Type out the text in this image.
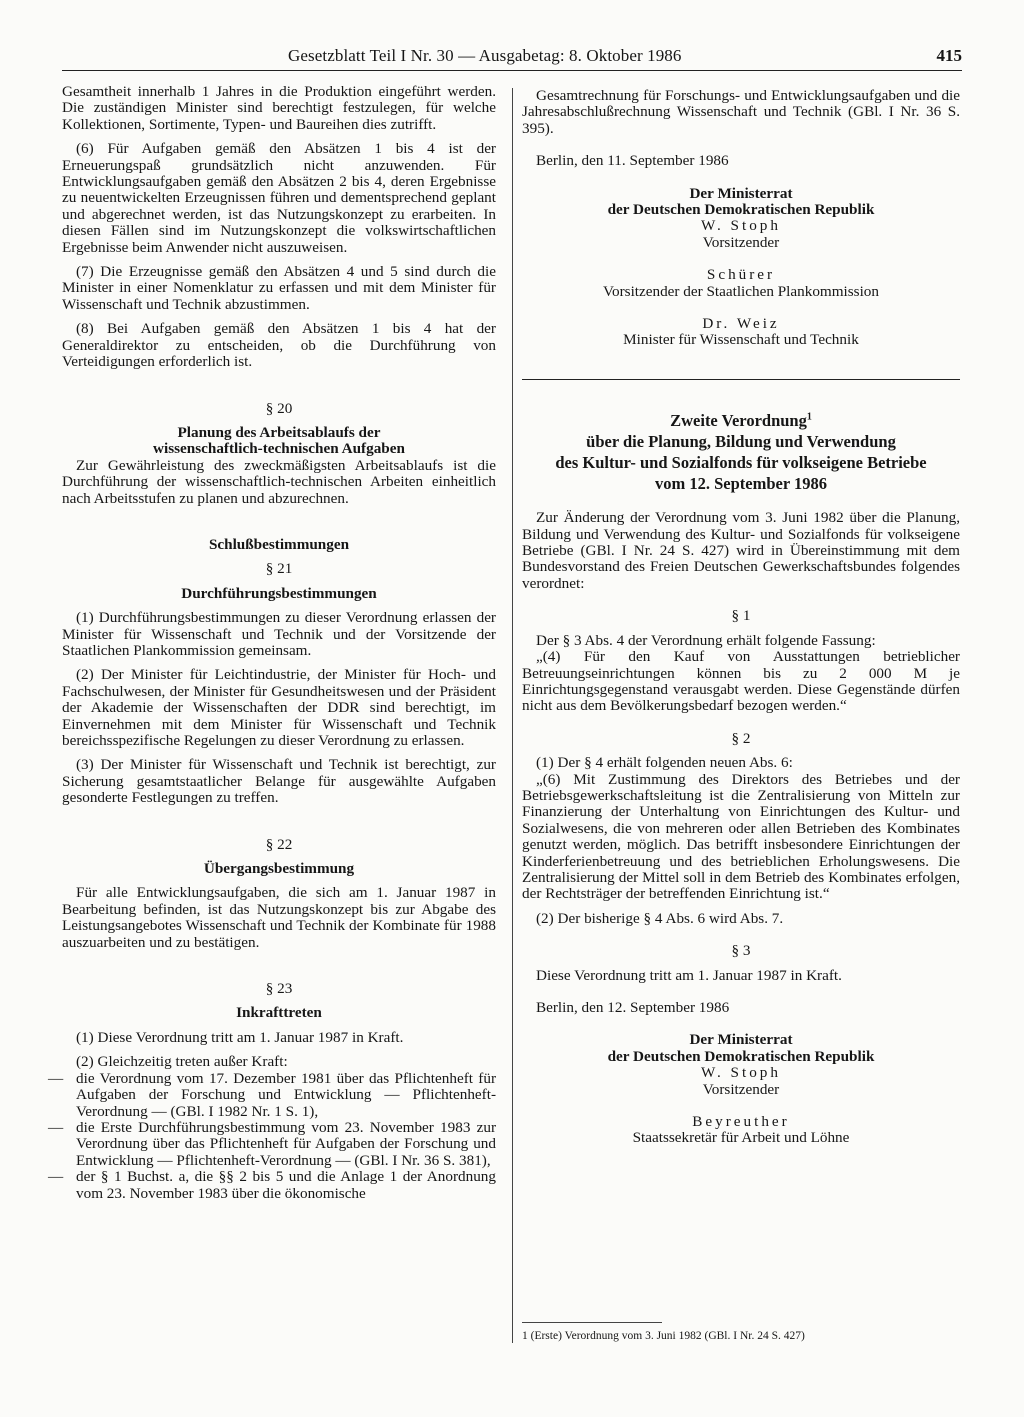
Gesetzblatt Teil I Nr. 30 — Ausgabetag: 8. Oktober 1986	415

Gesamtheit innerhalb 1 Jahres in die Produktion eingeführt werden. Die zuständigen Minister sind berechtigt festzulegen, für welche Kollektionen, Sortimente, Typen- und Baureihen dies zutrifft.

(6) Für Aufgaben gemäß den Absätzen 1 bis 4 ist der Erneuerungspaß grundsätzlich nicht anzuwenden. Für Entwicklungsaufgaben gemäß den Absätzen 2 bis 4, deren Ergebnisse zu neuentwickelten Erzeugnissen führen und dementsprechend geplant und abgerechnet werden, ist das Nutzungskonzept zu erarbeiten. In diesen Fällen sind im Nutzungskonzept die volkswirtschaftlichen Ergebnisse beim Anwender nicht auszuweisen.

(7) Die Erzeugnisse gemäß den Absätzen 4 und 5 sind durch die Minister in einer Nomenklatur zu erfassen und mit dem Minister für Wissenschaft und Technik abzustimmen.

(8) Bei Aufgaben gemäß den Absätzen 1 bis 4 hat der Generaldirektor zu entscheiden, ob die Durchführung von Verteidigungen erforderlich ist.

§ 20

Planung des Arbeitsablaufs der

wissenschaftlich-technischen Aufgaben

Zur Gewährleistung des zweckmäßigsten Arbeitsablaufs ist die Durchführung der wissenschaftlich-technischen Arbeiten einheitlich nach Arbeitsstufen zu planen und abzurechnen.

Schlußbestimmungen

§ 21

Durchführungsbestimmungen

(1) Durchführungsbestimmungen zu dieser Verordnung erlassen der Minister für Wissenschaft und Technik und der Vorsitzende der Staatlichen Plankommission gemeinsam.

(2) Der Minister für Leichtindustrie, der Minister für Hoch- und Fachschulwesen, der Minister für Gesundheitswesen und der Präsident der Akademie der Wissenschaften der DDR sind berechtigt, im Einvernehmen mit dem Minister für Wissenschaft und Technik bereichsspezifische Regelungen zu dieser Verordnung zu erlassen.

(3) Der Minister für Wissenschaft und Technik ist berechtigt, zur Sicherung gesamtstaatlicher Belange für ausgewählte Aufgaben gesonderte Festlegungen zu treffen.

§ 22

Übergangsbestimmung

Für alle Entwicklungsaufgaben, die sich am 1. Januar 1987 in Bearbeitung befinden, ist das Nutzungskonzept bis zur Abgabe des Leistungsangebotes Wissenschaft und Technik der Kombinate für 1988 auszuarbeiten und zu bestätigen.

§ 23

Inkrafttreten

(1) Diese Verordnung tritt am 1. Januar 1987 in Kraft.

(2) Gleichzeitig treten außer Kraft:

— die Verordnung vom 17. Dezember 1981 über das Pflichtenheft für Aufgaben der Forschung und Entwicklung — Pflichtenheft-Verordnung — (GBl. I 1982 Nr. 1 S. 1),

— die Erste Durchführungsbestimmung vom 23. November 1983 zur Verordnung über das Pflichtenheft für Aufgaben der Forschung und Entwicklung — Pflichtenheft-Verordnung — (GBl. I Nr. 36 S. 381),

— der § 1 Buchst. a, die §§ 2 bis 5 und die Anlage 1 der Anordnung vom 23. November 1983 über die ökonomische

Gesamtrechnung für Forschungs- und Entwicklungsaufgaben und die Jahresabschlußrechnung Wissenschaft und Technik (GBl. I Nr. 36 S. 395).

Berlin, den 11. September 1986

Der Ministerrat

der Deutschen Demokratischen Republik

W. Stoph

Vorsitzender

Schürer

Vorsitzender der Staatlichen Plankommission

Dr. Weiz

Minister für Wissenschaft und Technik

Zweite Verordnung$^1$

über die Planung, Bildung und Verwendung

des Kultur- und Sozialfonds für volkseigene Betriebe

vom 12. September 1986

Zur Änderung der Verordnung vom 3. Juni 1982 über die Planung, Bildung und Verwendung des Kultur- und Sozialfonds für volkseigene Betriebe (GBl. I Nr. 24 S. 427) wird in Übereinstimmung mit dem Bundesvorstand des Freien Deutschen Gewerkschaftsbundes folgendes verordnet:

§ 1

Der § 3 Abs. 4 der Verordnung erhält folgende Fassung:

„(4) Für den Kauf von Ausstattungen betrieblicher Betreuungseinrichtungen können bis zu 2 000 M je Einrichtungsgegenstand verausgabt werden. Diese Gegenstände dürfen nicht aus dem Bevölkerungsbedarf bezogen werden.“

§ 2

(1) Der § 4 erhält folgenden neuen Abs. 6:

„(6) Mit Zustimmung des Direktors des Betriebes und der Betriebsgewerkschaftsleitung ist die Zentralisierung von Mitteln zur Finanzierung der Unterhaltung von Einrichtungen des Kultur- und Sozialwesens, die von mehreren oder allen Betrieben des Kombinates genutzt werden, möglich. Das betrifft insbesondere Einrichtungen der Kinderferienbetreuung und des betrieblichen Erholungswesens. Die Zentralisierung der Mittel soll in dem Betrieb des Kombinates erfolgen, der Rechtsträger der betreffenden Einrichtung ist.“

(2) Der bisherige § 4 Abs. 6 wird Abs. 7.

§ 3

Diese Verordnung tritt am 1. Januar 1987 in Kraft.

Berlin, den 12. September 1986

Der Ministerrat

der Deutschen Demokratischen Republik

W. Stoph

Vorsitzender

Beyreuther

Staatssekretär für Arbeit und Löhne

1 (Erste) Verordnung vom 3. Juni 1982 (GBl. I Nr. 24 S. 427)
